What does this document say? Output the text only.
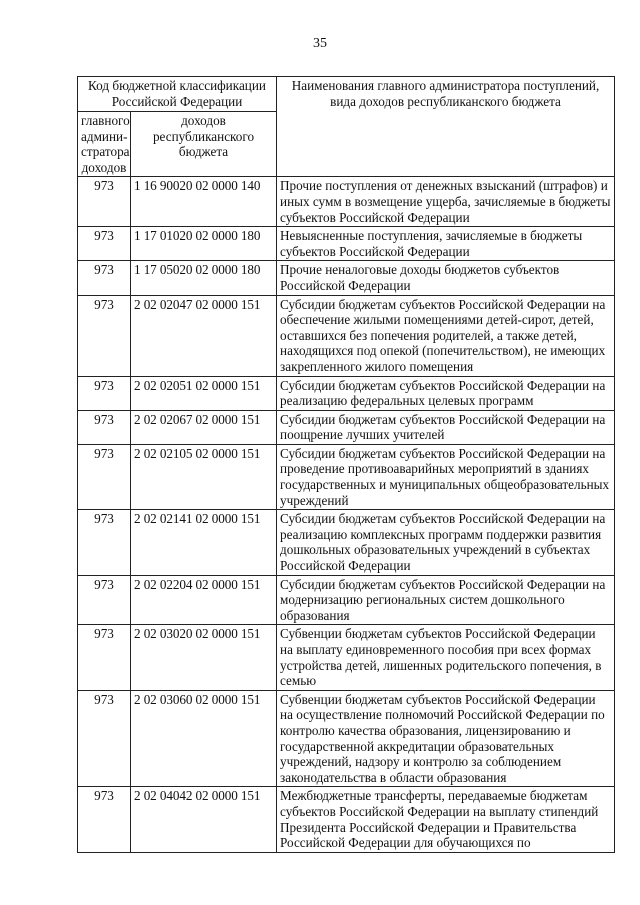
35
Код бюджетной классификации Российской Федерации		Наименования главного администратора поступлений, вида доходов республиканского бюджета
главного админи-стратора доходов	доходов республиканского бюджета	
973	1 16 90020 02 0000 140	Прочие поступления от денежных взысканий (штрафов) и иных сумм в возмещение ущерба, зачисляемые в бюджеты субъектов Российской Федерации
973	1 17 01020 02 0000 180	Невыясненные поступления, зачисляемые в бюджеты субъектов Российской Федерации
973	1 17 05020 02 0000 180	Прочие неналоговые доходы бюджетов субъектов Российской Федерации
973	2 02 02047 02 0000 151	Субсидии бюджетам субъектов Российской Федерации на обеспечение жилыми помещениями детей-сирот, детей, оставшихся без попечения родителей, а также детей, находящихся под опекой (попечительством), не имеющих закрепленного жилого помещения
973	2 02 02051 02 0000 151	Субсидии бюджетам субъектов Российской Федерации на реализацию федеральных целевых программ
973	2 02 02067 02 0000 151	Субсидии бюджетам субъектов Российской Федерации на поощрение лучших учителей
973	2 02 02105 02 0000 151	Субсидии бюджетам субъектов Российской Федерации на проведение противоаварийных мероприятий в зданиях государственных и муниципальных общеобразовательных учреждений
973	2 02 02141 02 0000 151	Субсидии бюджетам субъектов Российской Федерации на реализацию комплексных программ поддержки развития дошкольных образовательных учреждений в субъектах Российской Федерации
973	2 02 02204 02 0000 151	Субсидии бюджетам субъектов Российской Федерации на модернизацию региональных систем дошкольного образования
973	2 02 03020 02 0000 151	Субвенции бюджетам субъектов Российской Федерации на выплату единовременного пособия при всех формах устройства детей, лишенных родительского попечения, в семью
973	2 02 03060 02 0000 151	Субвенции бюджетам субъектов Российской Федерации на осуществление полномочий Российской Федерации по контролю качества образования, лицензированию и государственной аккредитации образовательных учреждений, надзору и контролю за соблюдением законодательства в области образования
973	2 02 04042 02 0000 151	Межбюджетные трансферты, передаваемые бюджетам субъектов Российской Федерации на выплату стипендий Президента Российской Федерации и Правительства Российской Федерации для обучающихся по
